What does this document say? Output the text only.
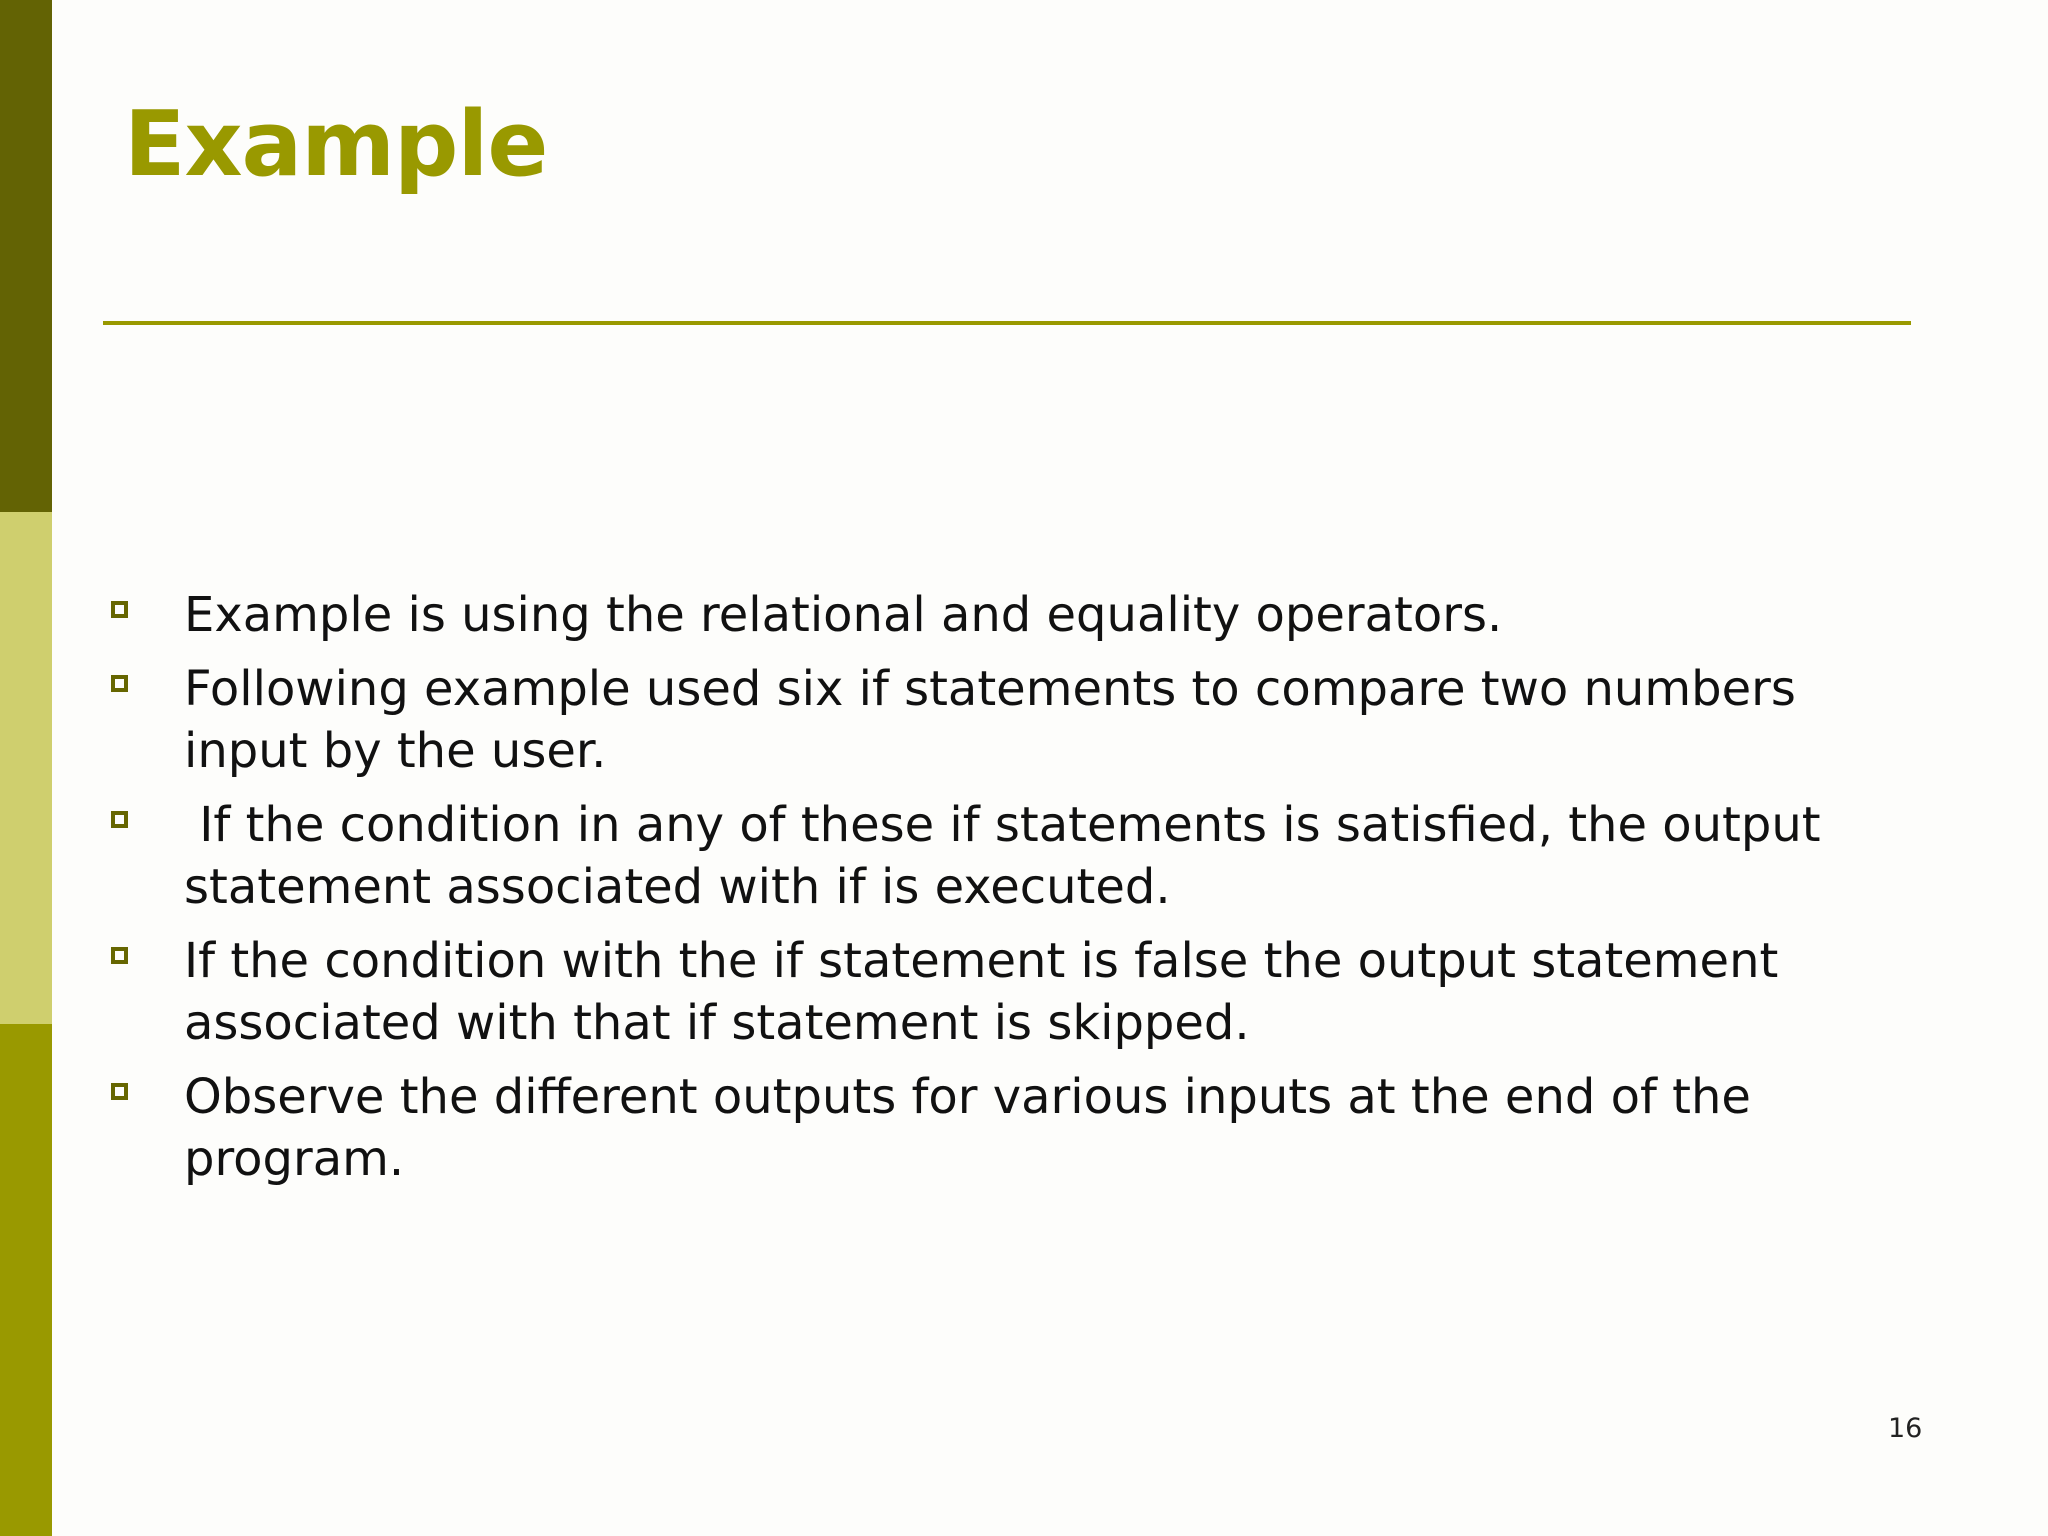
Example
Example is using the relational and equality operators.
Following example used six if statements to compare two numbers input by the user.
If the condition in any of these if statements is satisfied, the output statement associated with if is executed.
If the condition with the if statement is false the output statement associated with that if statement is skipped.
Observe the different outputs for various inputs at the end of the program.
16
